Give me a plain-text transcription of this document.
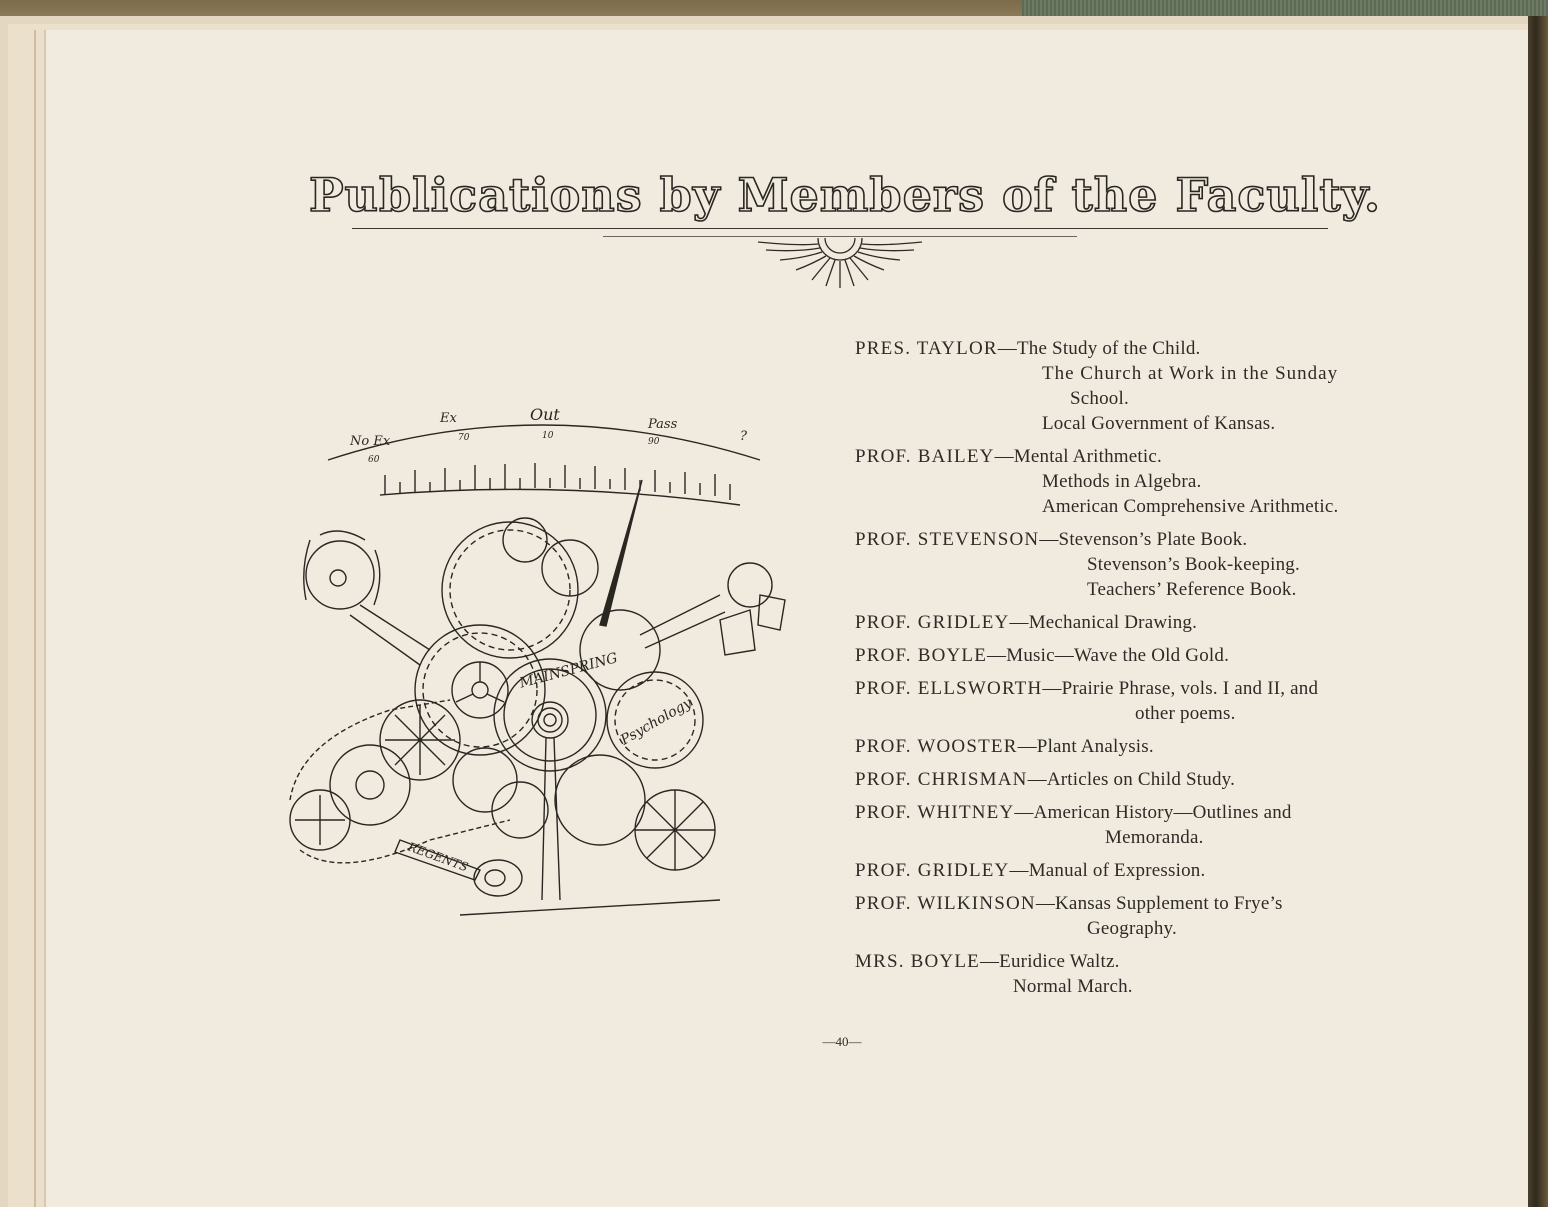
Publications by Members of the Faculty.
No Ex
Ex	Out
Pass
?
60
70	10
90
MAINSPRING
Psychology
REGENTS
PRES. TAYLOR—The Study of the Child.
The Church at Work in the Sunday
School.
Local Government of Kansas.
PROF. BAILEY—Mental Arithmetic.
Methods in Algebra.
American Comprehensive Arithmetic.
PROF. STEVENSON—Stevenson’s Plate Book.
Stevenson’s Book-keeping.
Teachers’ Reference Book.
PROF. GRIDLEY—Mechanical Drawing.
PROF. BOYLE—Music—Wave the Old Gold.
PROF. ELLSWORTH—Prairie Phrase, vols. I and II, and
other poems.
PROF. WOOSTER—Plant Analysis.
PROF. CHRISMAN—Articles on Child Study.
PROF. WHITNEY—American History—Outlines and
Memoranda.
PROF. GRIDLEY—Manual of Expression.
PROF. WILKINSON—Kansas Supplement to Frye’s
Geography.
MRS. BOYLE—Euridice Waltz.
Normal March.
—40—
